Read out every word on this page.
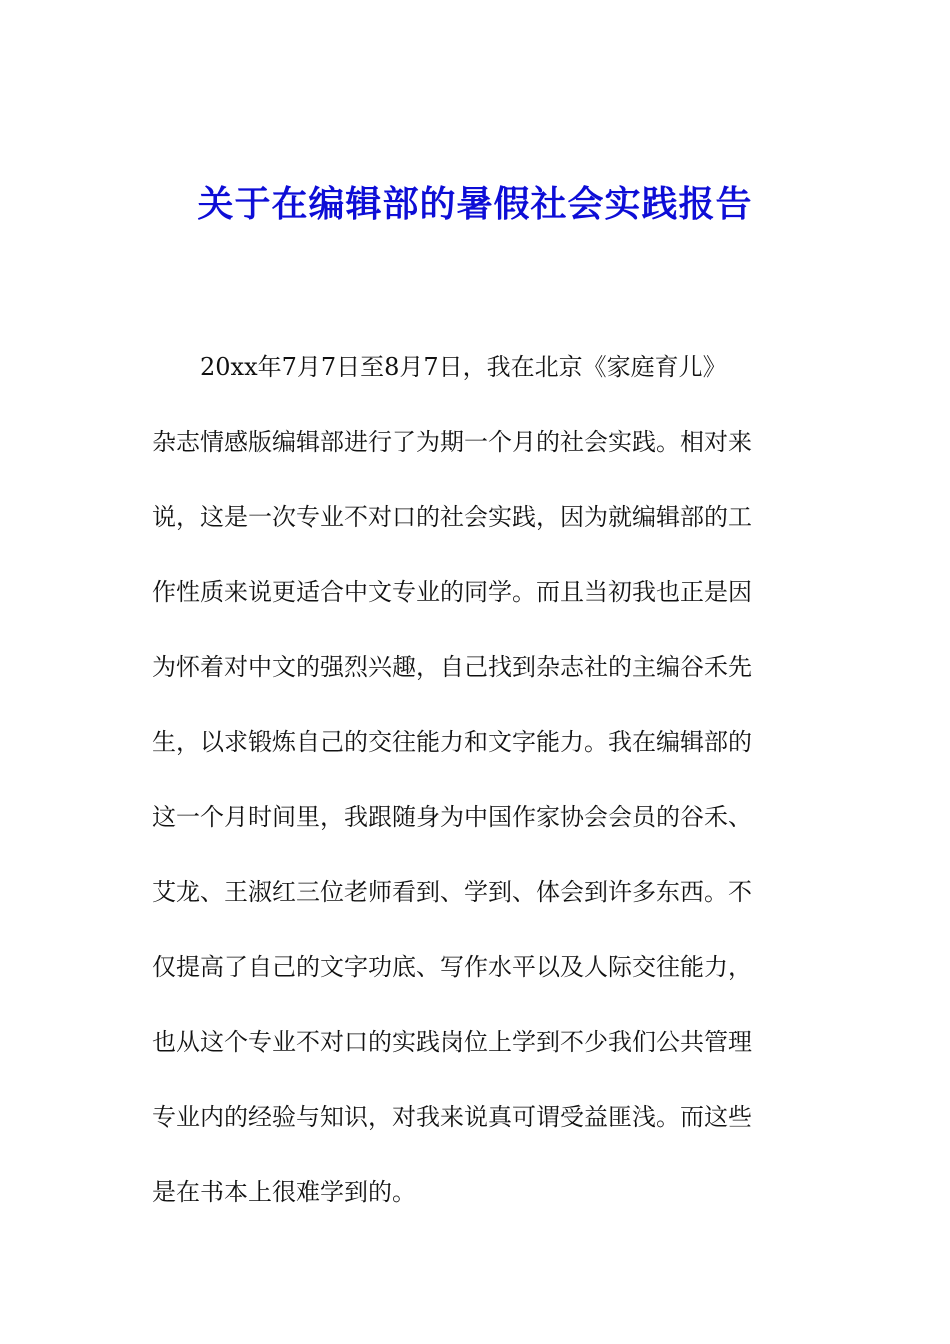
关于在编辑部的暑假社会实践报告
20xx年7月7日至8月7日，我在北京《家庭育儿》
杂志情感版编辑部进行了为期一个月的社会实践。相对来
说，这是一次专业不对口的社会实践，因为就编辑部的工
作性质来说更适合中文专业的同学。而且当初我也正是因
为怀着对中文的强烈兴趣，自己找到杂志社的主编谷禾先
生，以求锻炼自己的交往能力和文字能力。我在编辑部的
这一个月时间里，我跟随身为中国作家协会会员的谷禾、
艾龙、王淑红三位老师看到、学到、体会到许多东西。不
仅提高了自己的文字功底、写作水平以及人际交往能力，
也从这个专业不对口的实践岗位上学到不少我们公共管理
专业内的经验与知识，对我来说真可谓受益匪浅。而这些
是在书本上很难学到的。
